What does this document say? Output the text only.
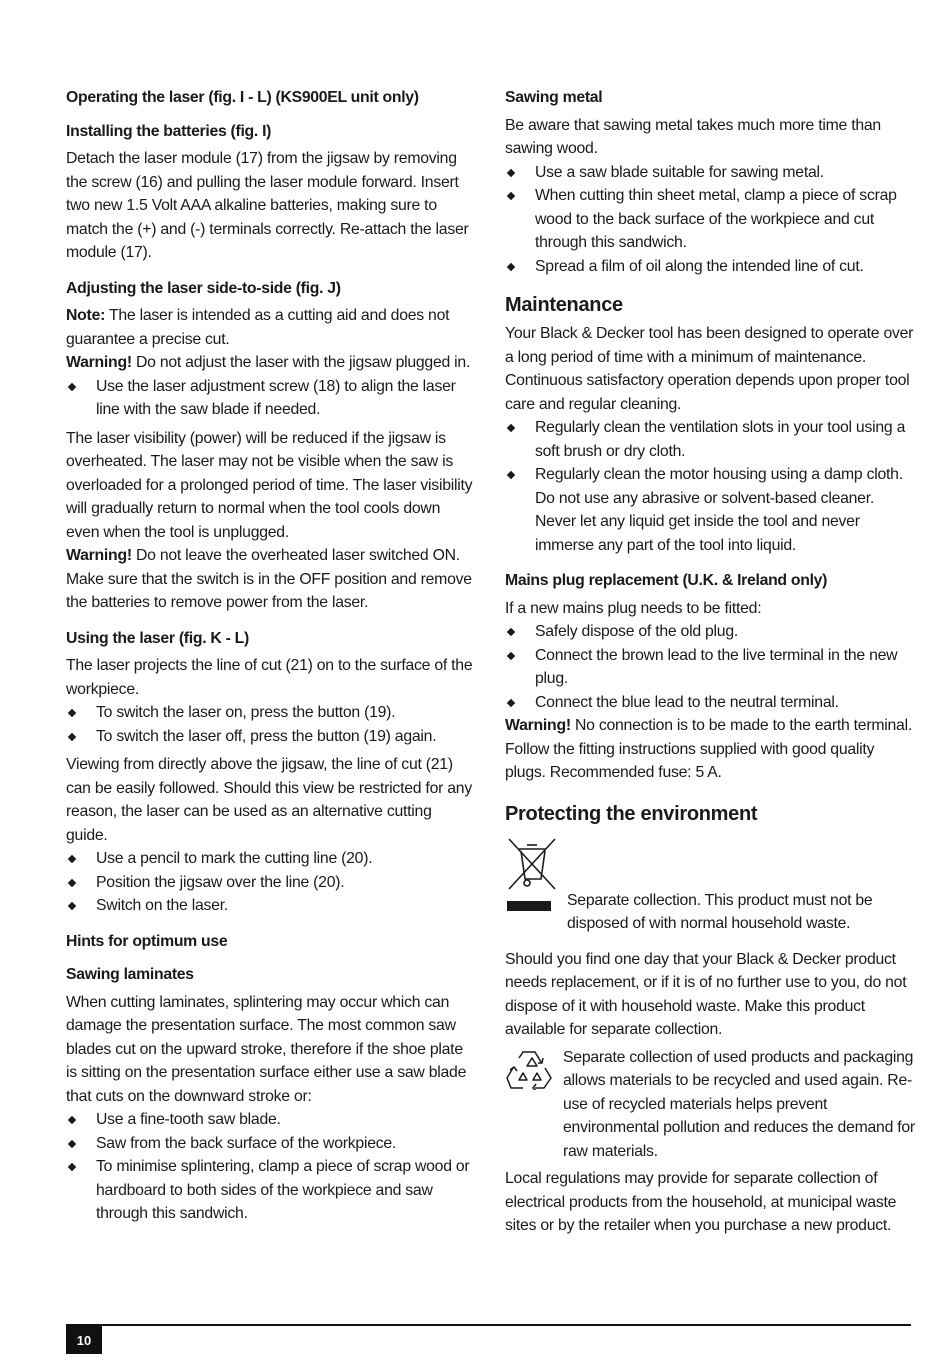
Operating the laser (fig. I - L) (KS900EL unit only)
Installing the batteries (fig. I)

Detach the laser module (17) from the jigsaw by removing the screw (16) and pulling the laser module forward. Insert two new 1.5 Volt AAA alkaline batteries, making sure to match the (+) and (-) terminals correctly. Re-attach the laser module (17).

Adjusting the laser side-to-side (fig. J)

Note: The laser is intended as a cutting aid and does not guarantee a precise cut.

Warning! Do not adjust the laser with the jigsaw plugged in.

Use the laser adjustment screw (18) to align the laser line with the saw blade if needed.

The laser visibility (power) will be reduced if the jigsaw is overheated. The laser may not be visible when the saw is overloaded for a prolonged period of time. The laser visibility will gradually return to normal when the tool cools down even when the tool is unplugged.

Warning! Do not leave the overheated laser switched ON. Make sure that the switch is in the OFF position and remove the batteries to remove power from the laser.

Using the laser (fig. K - L)

The laser projects the line of cut (21) on to the surface of the workpiece.

To switch the laser on, press the button (19).
To switch the laser off, press the button (19) again.

Viewing from directly above the jigsaw, the line of cut (21) can be easily followed. Should this view be restricted for any reason, the laser can be used as an alternative cutting guide.

Use a pencil to mark the cutting line (20).
Position the jigsaw over the line (20).
Switch on the laser.
Hints for optimum use
Sawing laminates

When cutting laminates, splintering may occur which can damage the presentation surface. The most common saw blades cut on the upward stroke, therefore if the shoe plate is sitting on the presentation surface either use a saw blade that cuts on the downward stroke or:

Use a fine-tooth saw blade.
Saw from the back surface of the workpiece.
To minimise splintering, clamp a piece of scrap wood or hardboard to both sides of the workpiece and saw through this sandwich.
Sawing metal

Be aware that sawing metal takes much more time than sawing wood.

Use a saw blade suitable for sawing metal.
When cutting thin sheet metal, clamp a piece of scrap wood to the back surface of the workpiece and cut through this sandwich.
Spread a film of oil along the intended line of cut.
Maintenance

Your Black & Decker tool has been designed to operate over a long period of time with a minimum of maintenance. Continuous satisfactory operation depends upon proper tool care and regular cleaning.

Regularly clean the ventilation slots in your tool using a soft brush or dry cloth.
Regularly clean the motor housing using a damp cloth. Do not use any abrasive or solvent-based cleaner. Never let any liquid get inside the tool and never immerse any part of the tool into liquid.
Mains plug replacement (U.K. & Ireland only)

If a new mains plug needs to be fitted:

Safely dispose of the old plug.
Connect the brown lead to the live terminal in the new plug.
Connect the blue lead to the neutral terminal.

Warning! No connection is to be made to the earth terminal. Follow the fitting instructions supplied with good quality plugs. Recommended fuse: 5 A.

Protecting the environment
Separate collection. This product must not be disposed of with normal household waste.

Should you find one day that your Black & Decker product needs replacement, or if it is of no further use to you, do not dispose of it with household waste. Make this product available for separate collection.

Separate collection of used products and packaging allows materials to be recycled and used again. Re-use of recycled materials helps prevent environmental pollution and reduces the demand for raw materials.

Local regulations may provide for separate collection of electrical products from the household, at municipal waste sites or by the retailer when you purchase a new product.

10
